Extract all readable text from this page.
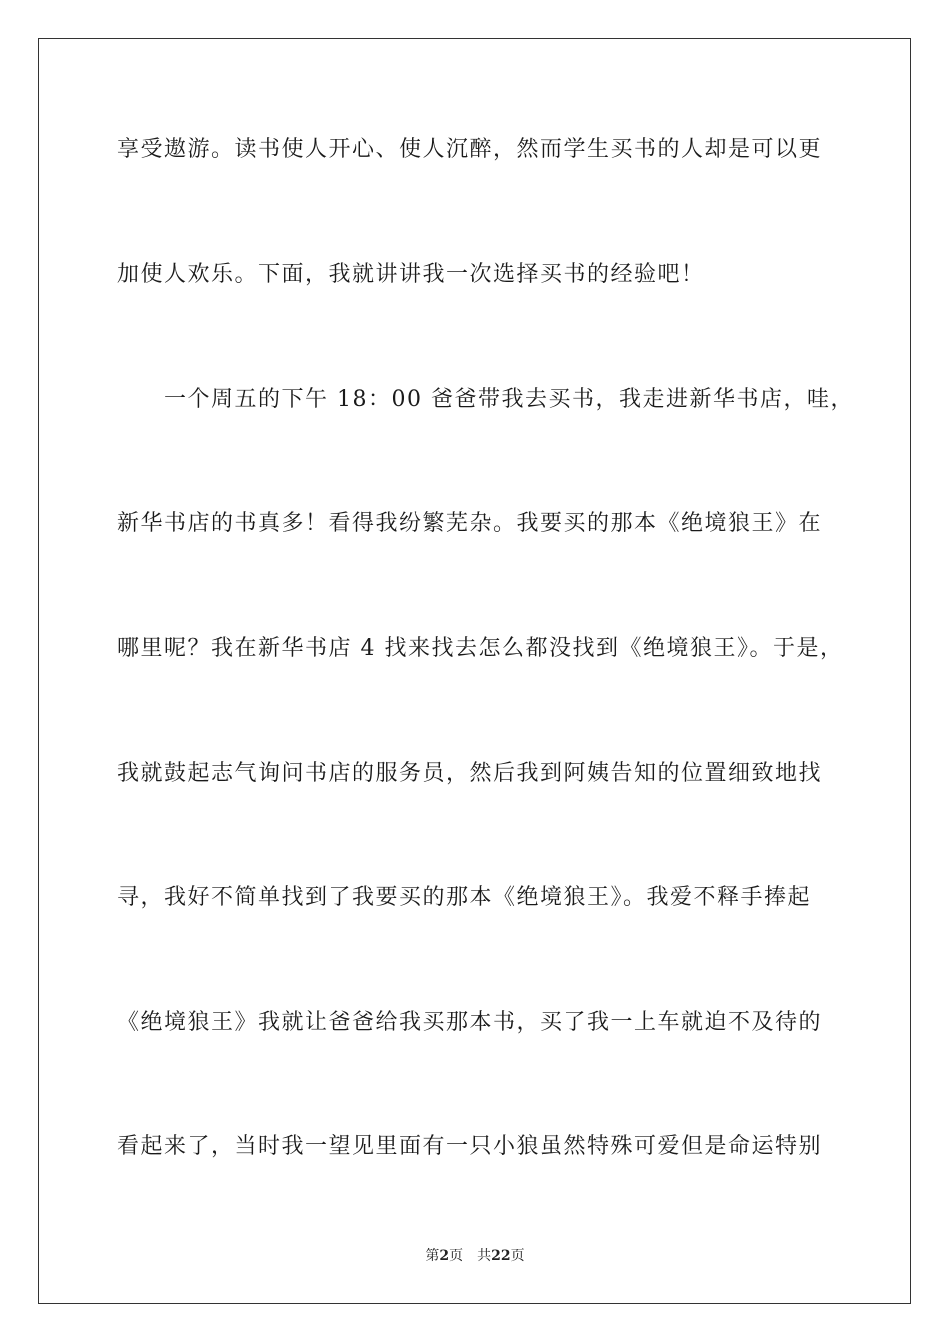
享受遨游。读书使人开心、使人沉醉，然而学生买书的人却是可以更
加使人欢乐。下面，我就讲讲我一次选择买书的经验吧！
　　一个周五的下午 18：00 爸爸带我去买书，我走进新华书店，哇，
新华书店的书真多！看得我纷繁芜杂。我要买的那本《绝境狼王》在
哪里呢？我在新华书店 4 找来找去怎么都没找到《绝境狼王》。于是，
我就鼓起志气询问书店的服务员，然后我到阿姨告知的位置细致地找
寻，我好不简单找到了我要买的那本《绝境狼王》。我爱不释手捧起
《绝境狼王》我就让爸爸给我买那本书，买了我一上车就迫不及待的
看起来了，当时我一望见里面有一只小狼虽然特殊可爱但是命运特别
第2页 共22页
